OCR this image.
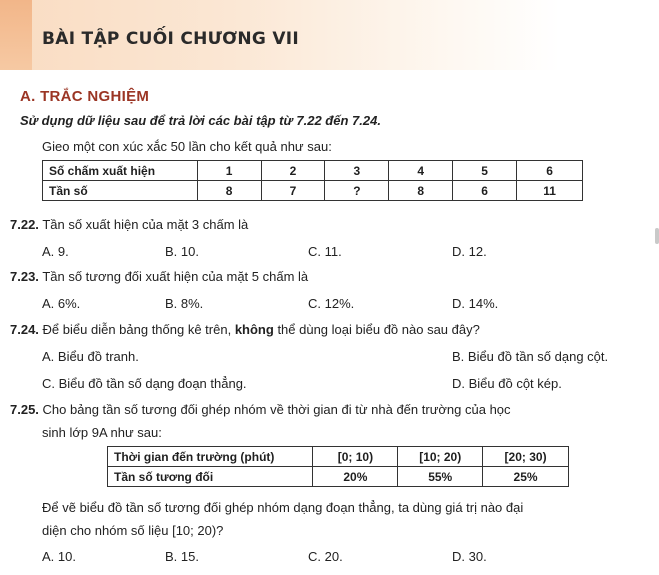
BÀI TẬP CUỐI CHƯƠNG VII
A. TRẮC NGHIỆM
Sử dụng dữ liệu sau để trả lời các bài tập từ 7.22 đến 7.24.
Gieo một con xúc xắc 50 lần cho kết quả như sau:
Số chấm xuất hiện	1	2	3	4	5	6
Tần số	8	7	?	8	6	11
7.22. Tần số xuất hiện của mặt 3 chấm là
A. 9.	B. 10.	C. 11.	D. 12.
7.23. Tần số tương đối xuất hiện của mặt 5 chấm là
A. 6%.	B. 8%.	C. 12%.	D. 14%.
7.24. Để biểu diễn bảng thống kê trên, không thể dùng loại biểu đồ nào sau đây?
A. Biểu đồ tranh.	B. Biểu đồ tần số dạng cột.
C. Biểu đồ tần số dạng đoạn thẳng.	D. Biểu đồ cột kép.
7.25. Cho bảng tần số tương đối ghép nhóm về thời gian đi từ nhà đến trường của học
sinh lớp 9A như sau:
Thời gian đến trường (phút)	[0; 10)	[10; 20)	[20; 30)
Tần số tương đối	20%	55%	25%
Để vẽ biểu đồ tần số tương đối ghép nhóm dạng đoạn thẳng, ta dùng giá trị nào đại
diện cho nhóm số liệu [10; 20)?
A. 10.	B. 15.	C. 20.	D. 30.
